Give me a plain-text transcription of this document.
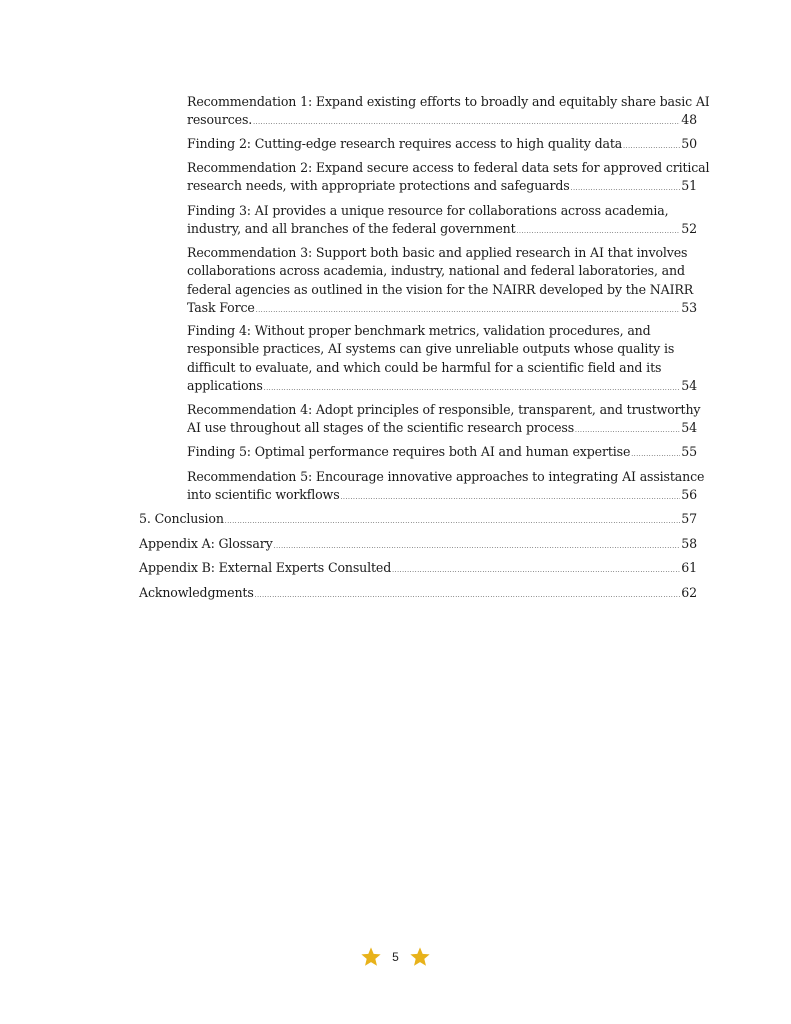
Recommendation 1: Expand existing efforts to broadly and equitably share basic AI
resources. .....	48
Finding 2: Cutting-edge research requires access to high quality data .....	50
Recommendation 2: Expand secure access to federal data sets for approved critical
research needs, with appropriate protections and safeguards .....	51
Finding 3: AI provides a unique resource for collaborations across academia,
industry, and all branches of the federal government .....	52
Recommendation 3: Support both basic and applied research in AI that involves
collaborations across academia, industry, national and federal laboratories, and
federal agencies as outlined in the vision for the NAIRR developed by the NAIRR
Task Force .....	53
Finding 4: Without proper benchmark metrics, validation procedures, and
responsible practices, AI systems can give unreliable outputs whose quality is
difficult to evaluate, and which could be harmful for a scientific field and its
applications .....	54
Recommendation 4: Adopt principles of responsible, transparent, and trustworthy
AI use throughout all stages of the scientific research process .....	54
Finding 5: Optimal performance requires both AI and human expertise .....	55
Recommendation 5: Encourage innovative approaches to integrating AI assistance
into scientific workflows .....	56
5. Conclusion .....	57
Appendix A: Glossary .....	58
Appendix B: External Experts Consulted .....	61
Acknowledgments .....	62
5
